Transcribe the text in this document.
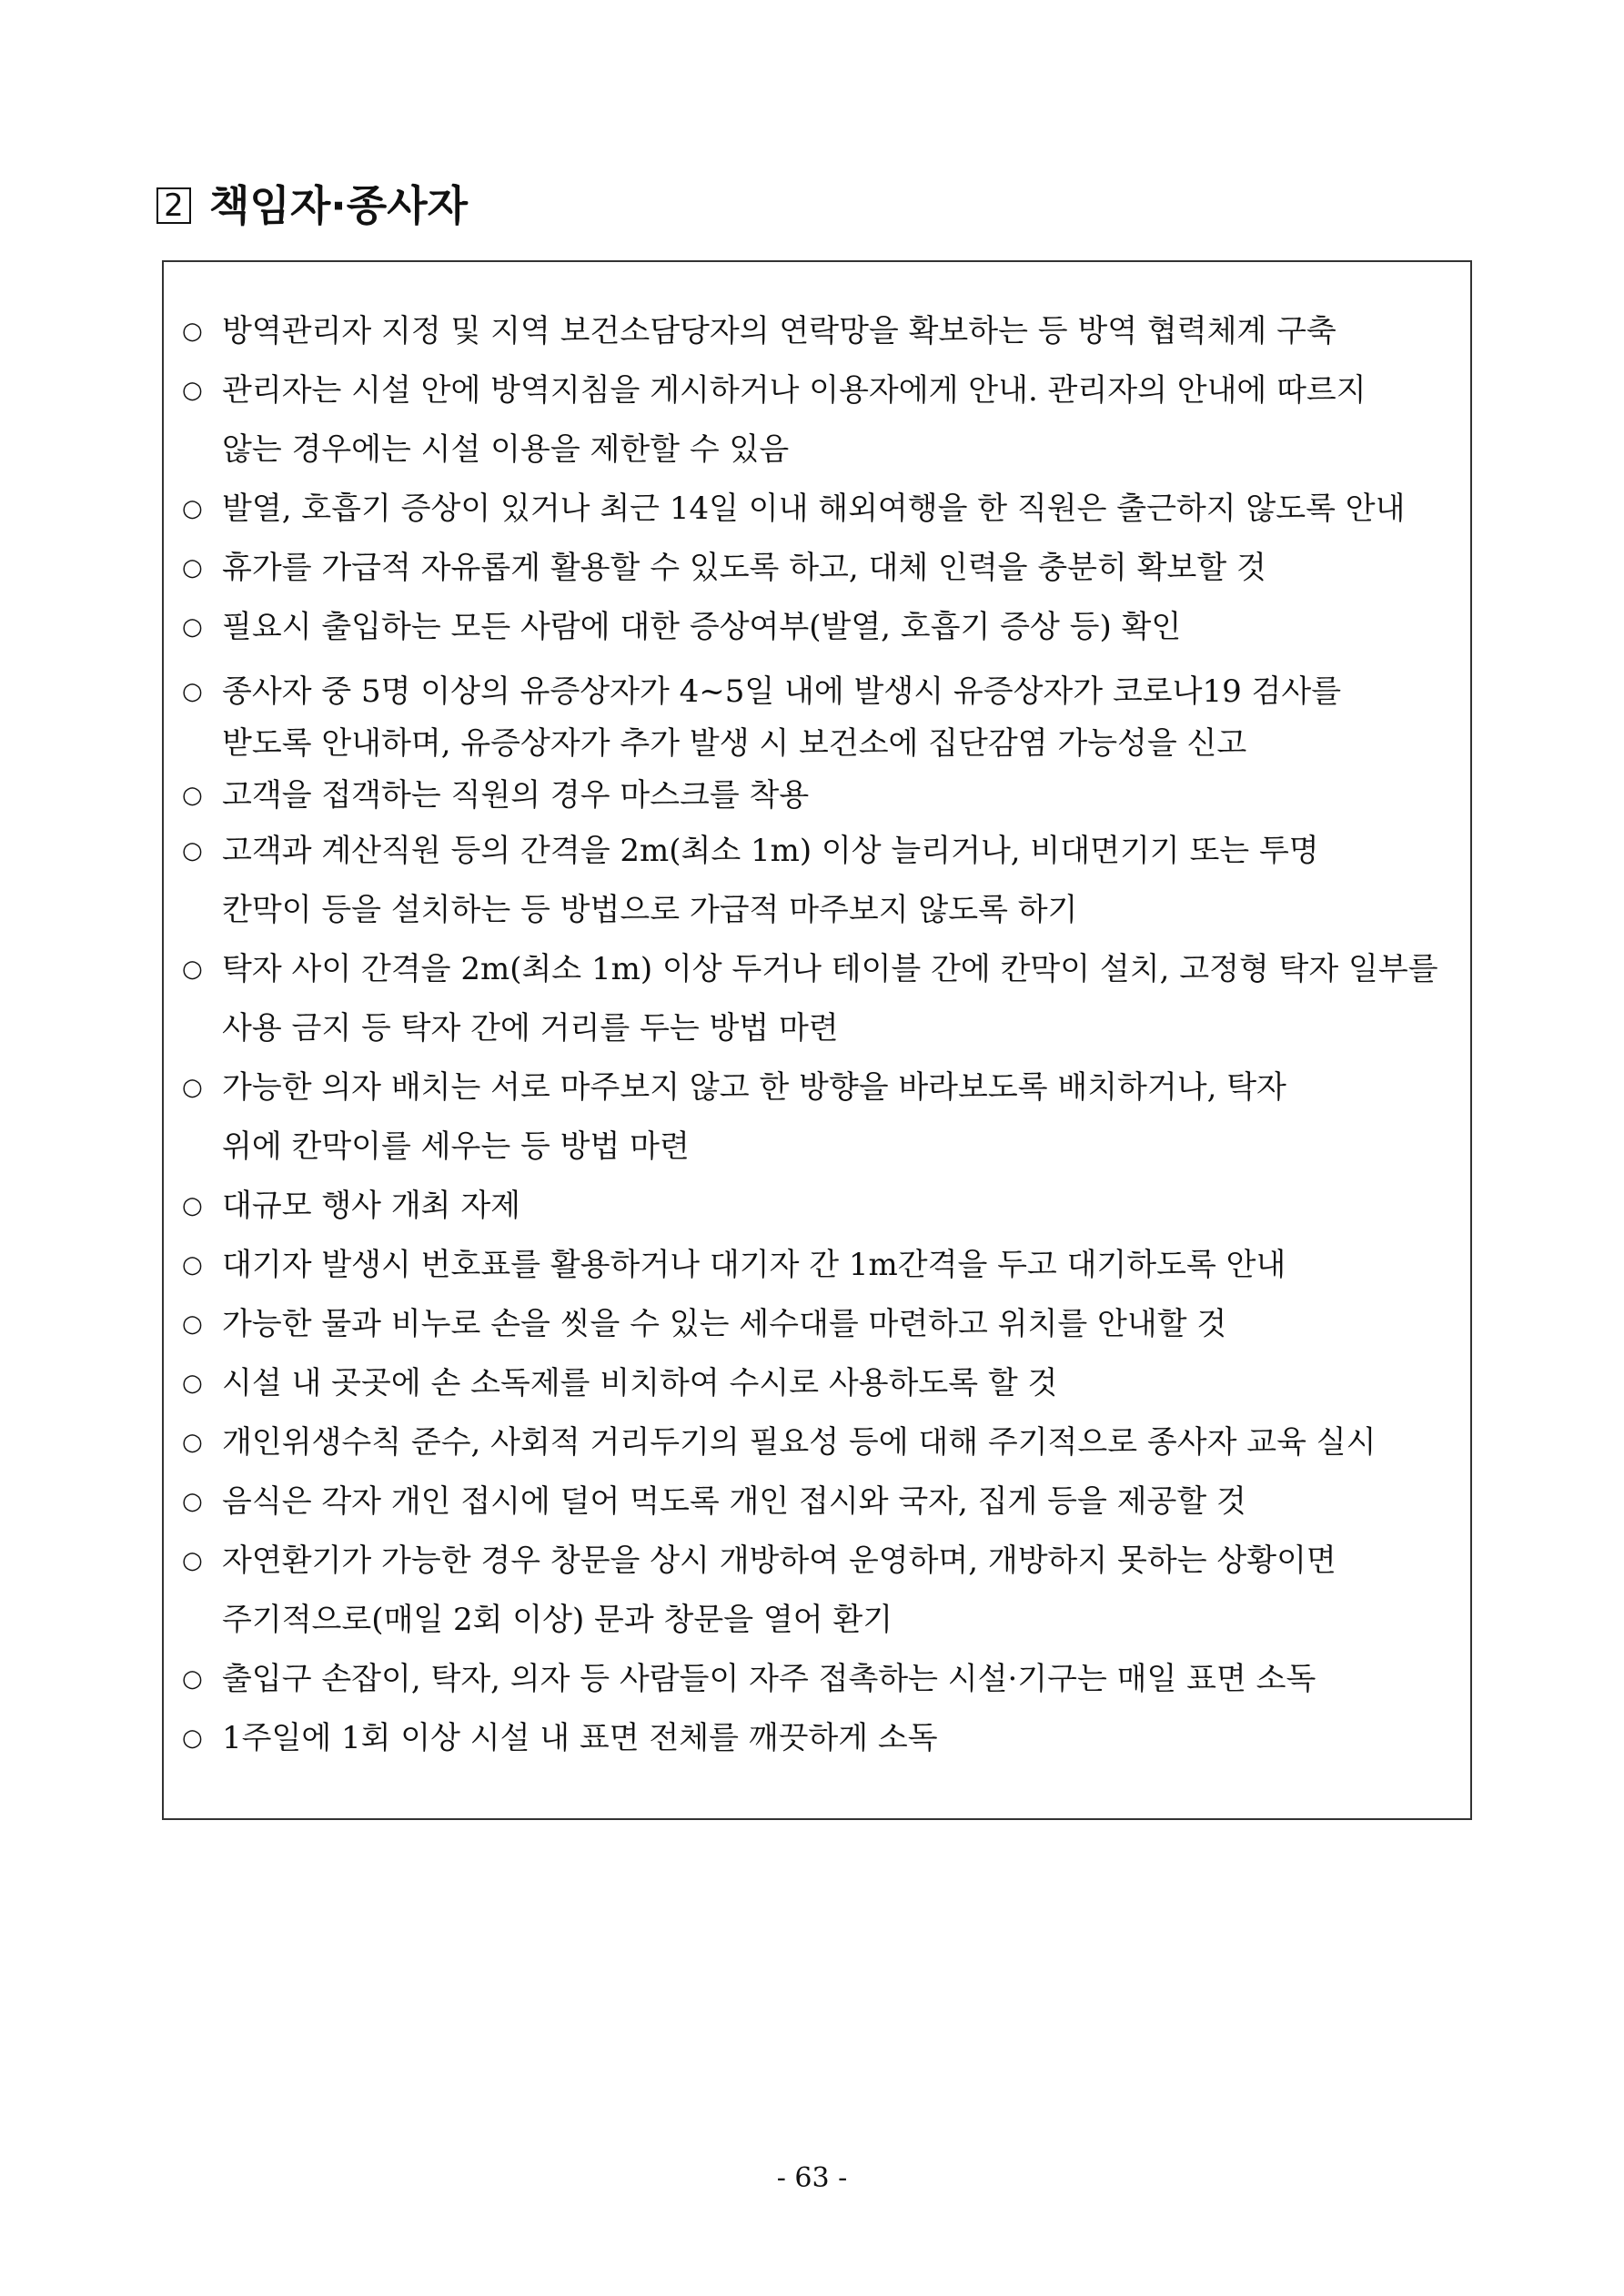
2 책임자·종사자
○ 방역관리자 지정 및 지역 보건소담당자의 연락망을 확보하는 등 방역 협력체계 구축
○ 관리자는 시설 안에 방역지침을 게시하거나 이용자에게 안내. 관리자의 안내에 따르지
않는 경우에는 시설 이용을 제한할 수 있음
○ 발열, 호흡기 증상이 있거나 최근 14일 이내 해외여행을 한 직원은 출근하지 않도록 안내
○ 휴가를 가급적 자유롭게 활용할 수 있도록 하고, 대체 인력을 충분히 확보할 것
○ 필요시 출입하는 모든 사람에 대한 증상여부(발열, 호흡기 증상 등) 확인
○ 종사자 중 5명 이상의 유증상자가 4~5일 내에 발생시 유증상자가 코로나19 검사를
받도록 안내하며, 유증상자가 추가 발생 시 보건소에 집단감염 가능성을 신고
○ 고객을 접객하는 직원의 경우 마스크를 착용
○ 고객과 계산직원 등의 간격을 2m(최소 1m) 이상 늘리거나, 비대면기기 또는 투명
칸막이 등을 설치하는 등 방법으로 가급적 마주보지 않도록 하기
○ 탁자 사이 간격을 2m(최소 1m) 이상 두거나 테이블 간에 칸막이 설치, 고정형 탁자 일부를
사용 금지 등 탁자 간에 거리를 두는 방법 마련
○ 가능한 의자 배치는 서로 마주보지 않고 한 방향을 바라보도록 배치하거나, 탁자
위에 칸막이를 세우는 등 방법 마련
○ 대규모 행사 개최 자제
○ 대기자 발생시 번호표를 활용하거나 대기자 간 1m간격을 두고 대기하도록 안내
○ 가능한 물과 비누로 손을 씻을 수 있는 세수대를 마련하고 위치를 안내할 것
○ 시설 내 곳곳에 손 소독제를 비치하여 수시로 사용하도록 할 것
○ 개인위생수칙 준수, 사회적 거리두기의 필요성 등에 대해 주기적으로 종사자 교육 실시
○ 음식은 각자 개인 접시에 덜어 먹도록 개인 접시와 국자, 집게 등을 제공할 것
○ 자연환기가 가능한 경우 창문을 상시 개방하여 운영하며, 개방하지 못하는 상황이면
주기적으로(매일 2회 이상) 문과 창문을 열어 환기
○ 출입구 손잡이, 탁자, 의자 등 사람들이 자주 접촉하는 시설·기구는 매일 표면 소독
○ 1주일에 1회 이상 시설 내 표면 전체를 깨끗하게 소독
- 63 -
